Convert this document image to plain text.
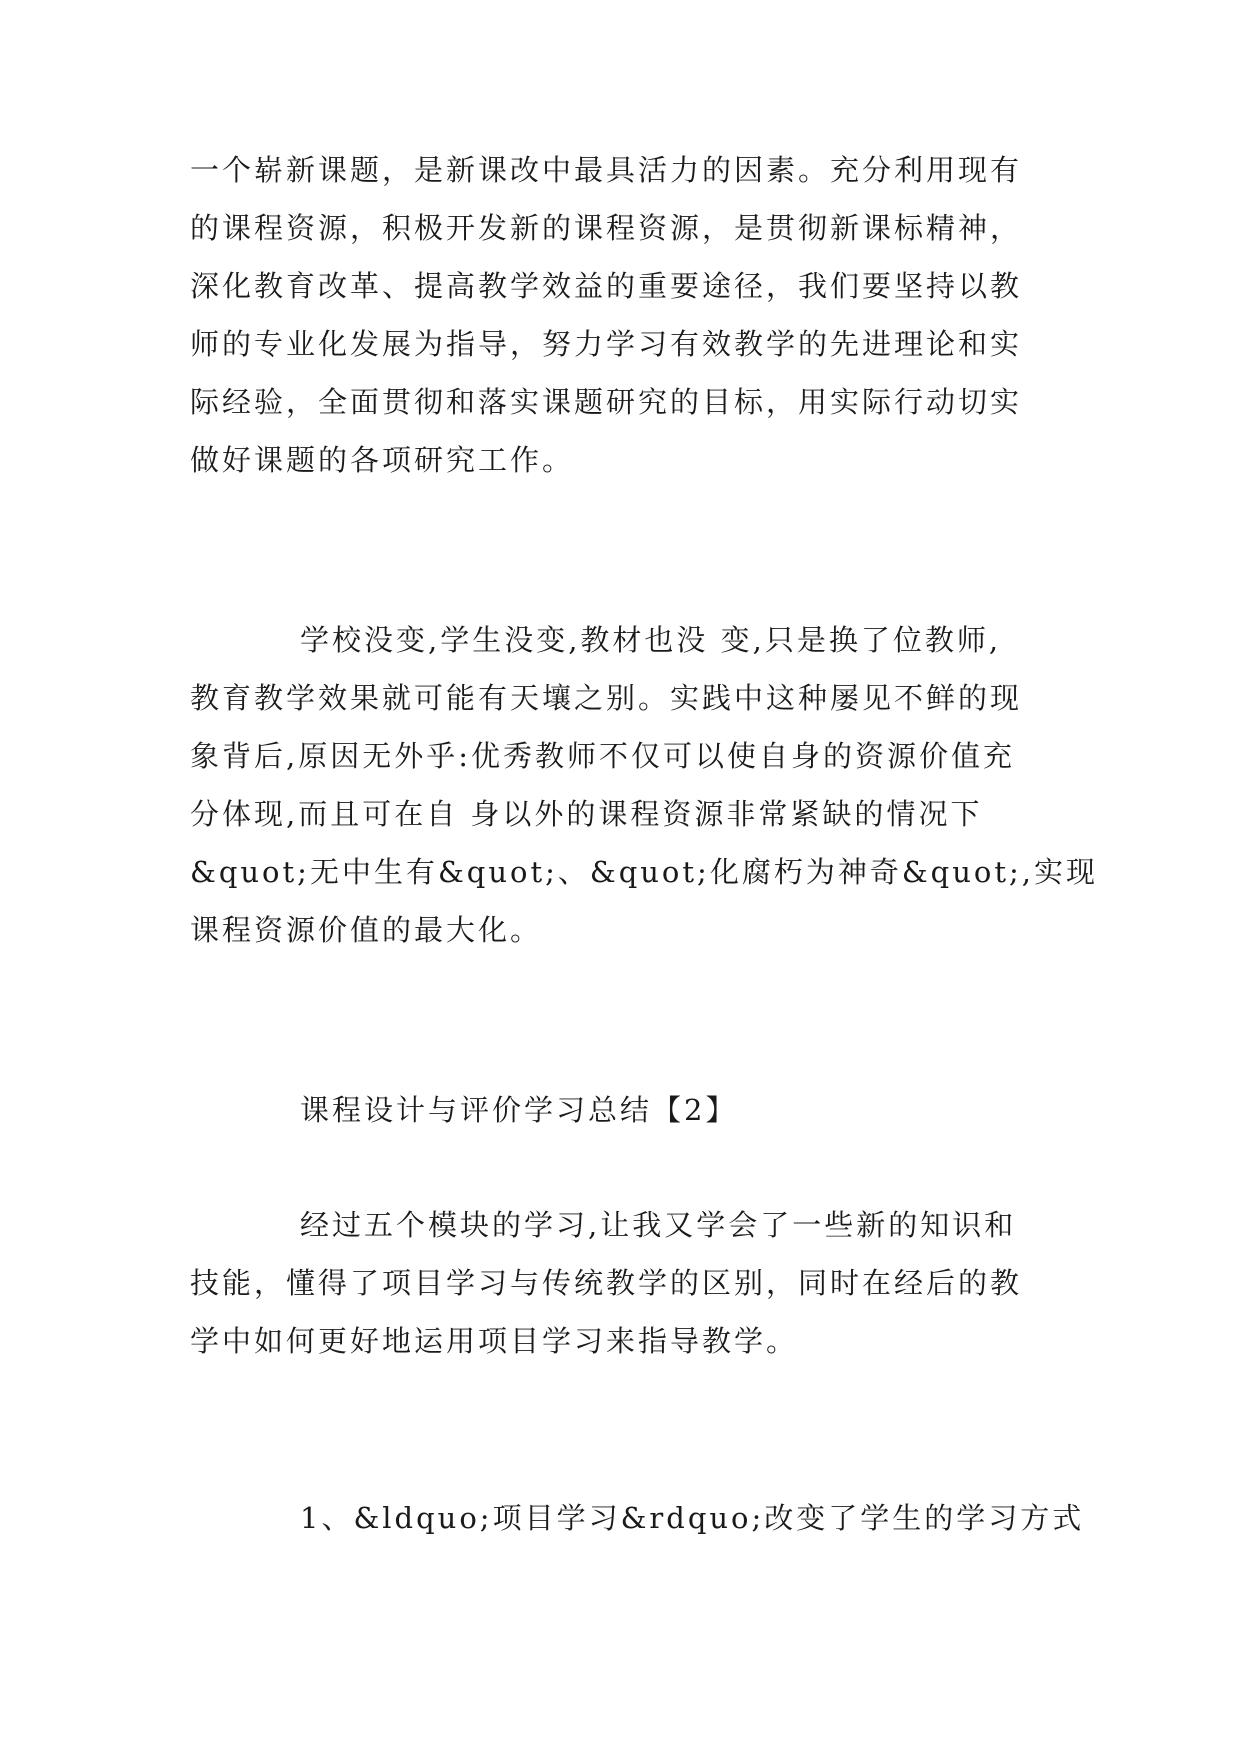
一个崭新课题，是新课改中最具活力的因素。充分利用现有
的课程资源，积极开发新的课程资源，是贯彻新课标精神，
深化教育改革、提高教学效益的重要途径，我们要坚持以教
师的专业化发展为指导，努力学习有效教学的先进理论和实
际经验，全面贯彻和落实课题研究的目标，用实际行动切实
做好课题的各项研究工作。
学校没变,学生没变,教材也没 变,只是换了位教师,
教育教学效果就可能有天壤之别。实践中这种屡见不鲜的现
象背后,原因无外乎:优秀教师不仅可以使自身的资源价值充
分体现,而且可在自 身以外的课程资源非常紧缺的情况下
&quot;无中生有&quot;、&quot;化腐朽为神奇&quot;,实现
课程资源价值的最大化。
课程设计与评价学习总结【2】
经过五个模块的学习,让我又学会了一些新的知识和
技能，懂得了项目学习与传统教学的区别，同时在经后的教
学中如何更好地运用项目学习来指导教学。
1、&ldquo;项目学习&rdquo;改变了学生的学习方式
